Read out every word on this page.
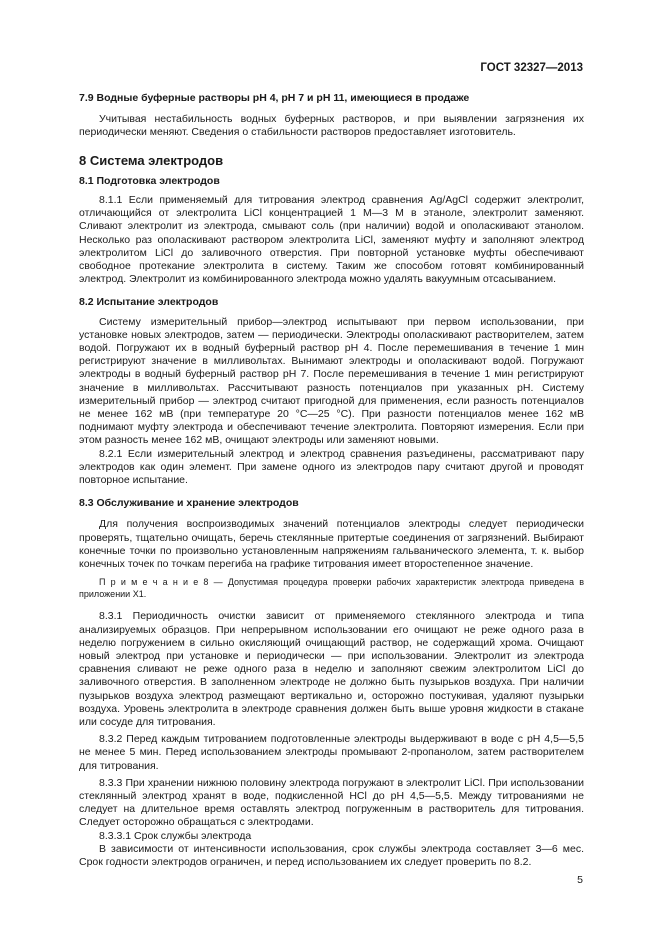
ГОСТ 32327—2013
7.9 Водные буферные растворы рН 4, рН 7 и рН 11, имеющиеся в продаже

Учитывая нестабильность водных буферных растворов, и при выявлении загрязнения их периодически меняют. Сведения о стабильности растворов предоставляет изготовитель.

8 Система электродов
8.1 Подготовка электродов

8.1.1 Если применяемый для титрования электрод сравнения Ag/AgCl содержит электролит, отличающийся от электролита LiCl концентрацией 1 М—3 М в этаноле, электролит заменяют. Сливают электролит из электрода, смывают соль (при наличии) водой и ополаскивают этанолом. Несколько раз ополаскивают раствором электролита LiCl, заменяют муфту и заполняют электрод электролитом LiCl до заливочного отверстия. При повторной установке муфты обеспечивают свободное протекание электролита в систему. Таким же способом готовят комбинированный электрод. Электролит из комбинированного электрода можно удалять вакуумным отсасыванием.

8.2 Испытание электродов

Систему измерительный прибор—электрод испытывают при первом использовании, при установке новых электродов, затем — периодически. Электроды ополаскивают растворителем, затем водой. Погружают их в водный буферный раствор рН 4. После перемешивания в течение 1 мин регистрируют значение в милливольтах. Вынимают электроды и ополаскивают водой. Погружают электроды в водный буферный раствор рН 7. После перемешивания в течение 1 мин регистрируют значение в милливольтах. Рассчитывают разность потенциалов при указанных рН. Систему измерительный прибор — электрод считают пригодной для применения, если разность потенциалов не менее 162 мВ (при температуре 20 °С—25 °С). При разности потенциалов менее 162 мВ поднимают муфту электрода и обеспечивают течение электролита. Повторяют измерения. Если при этом разность менее 162 мВ, очищают электроды или заменяют новыми.

8.2.1 Если измерительный электрод и электрод сравнения разъединены, рассматривают пару электродов как один элемент. При замене одного из электродов пару считают другой и проводят повторное испытание.

8.3 Обслуживание и хранение электродов

Для получения воспроизводимых значений потенциалов электроды следует периодически проверять, тщательно очищать, беречь стеклянные притертые соединения от загрязнений. Выбирают конечные точки по произвольно установленным напряжениям гальванического элемента, т. к. выбор конечных точек по точкам перегиба на графике титрования имеет второстепенное значение.

П р и м е ч а н и е 8 — Допустимая процедура проверки рабочих характеристик электрода приведена в приложении Х1.

8.3.1 Периодичность очистки зависит от применяемого стеклянного электрода и типа анализируемых образцов. При непрерывном использовании его очищают не реже одного раза в неделю погружением в сильно окисляющий очищающий раствор, не содержащий хрома. Очищают новый электрод при установке и периодически — при использовании. Электролит из электрода сравнения сливают не реже одного раза в неделю и заполняют свежим электролитом LiCl до заливочного отверстия. В заполненном электроде не должно быть пузырьков воздуха. При наличии пузырьков воздуха электрод размещают вертикально и, осторожно постукивая, удаляют пузырьки воздуха. Уровень электролита в электроде сравнения должен быть выше уровня жидкости в стакане или сосуде для титрования.

8.3.2 Перед каждым титрованием подготовленные электроды выдерживают в воде с рН 4,5—5,5 не менее 5 мин. Перед использованием электроды промывают 2-пропанолом, затем растворителем для титрования.

8.3.3 При хранении нижнюю половину электрода погружают в электролит LiCl. При использовании стеклянный электрод хранят в воде, подкисленной HCl до рН 4,5—5,5. Между титрованиями не следует на длительное время оставлять электрод погруженным в растворитель для титрования. Следует осторожно обращаться с электродами.

8.3.3.1 Срок службы электрода

В зависимости от интенсивности использования, срок службы электрода составляет 3—6 мес. Срок годности электродов ограничен, и перед использованием их следует проверить по 8.2.

5
